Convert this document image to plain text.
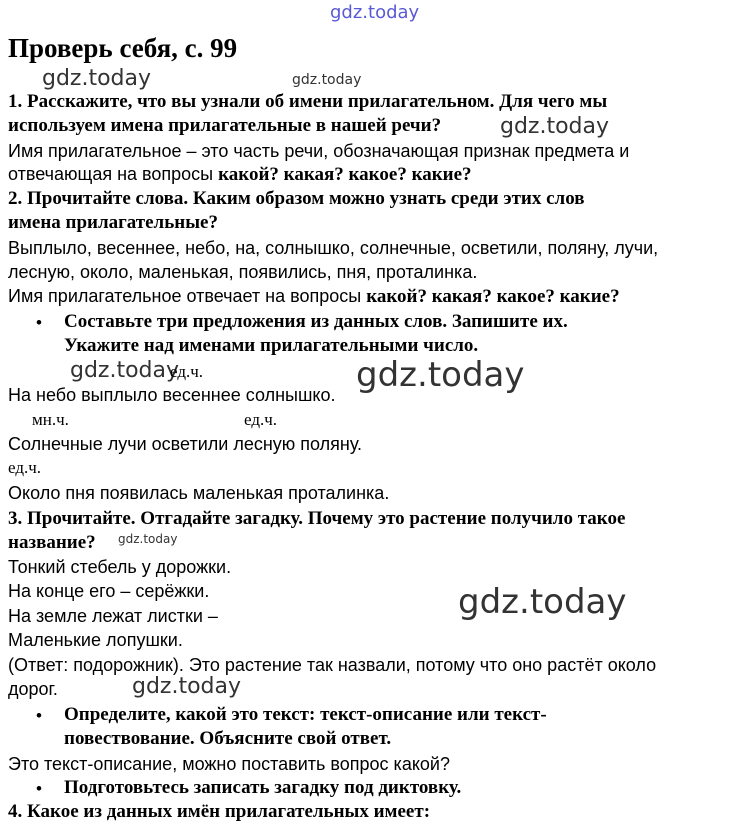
gdz.today
gdz.today	gdz.today
gdz.today
gdz.today	gdz.today
gdz.today
gdz.today
gdz.today
Проверь себя, с. 99
1. Расскажите, что вы узнали об имени прилагательном. Для чего мы
используем имена прилагательные в нашей речи?
Имя прилагательное – это часть речи, обозначающая признак предмета и
отвечающая на вопросы какой? какая? какое? какие?
2. Прочитайте слова. Каким образом можно узнать среди этих слов
имена прилагательные?
Выплыло, весеннее, небо, на, солнышко, солнечные, осветили, поляну, лучи,
лесную, около, маленькая, появились, пня, проталинка.
Имя прилагательное отвечает на вопросы какой? какая? какое? какие?
• Составьте три предложения из данных слов. Запишите их.
Укажите над именами прилагательными число.
ед.ч.
На небо выплыло весеннее солнышко.
мн.ч.	ед.ч.
Солнечные лучи осветили лесную поляну.
ед.ч.
Около пня появилась маленькая проталинка.
3. Прочитайте. Отгадайте загадку. Почему это растение получило такое
название?
Тонкий стебель у дорожки.
На конце его – серёжки.
На земле лежат листки –
Маленькие лопушки.
(Ответ: подорожник). Это растение так назвали, потому что оно растёт около
дорог.
• Определите, какой это текст: текст-описание или текст-
повествование. Объясните свой ответ.
Это текст-описание, можно поставить вопрос какой?
• Подготовьтесь записать загадку под диктовку.
4. Какое из данных имён прилагательных имеет:
